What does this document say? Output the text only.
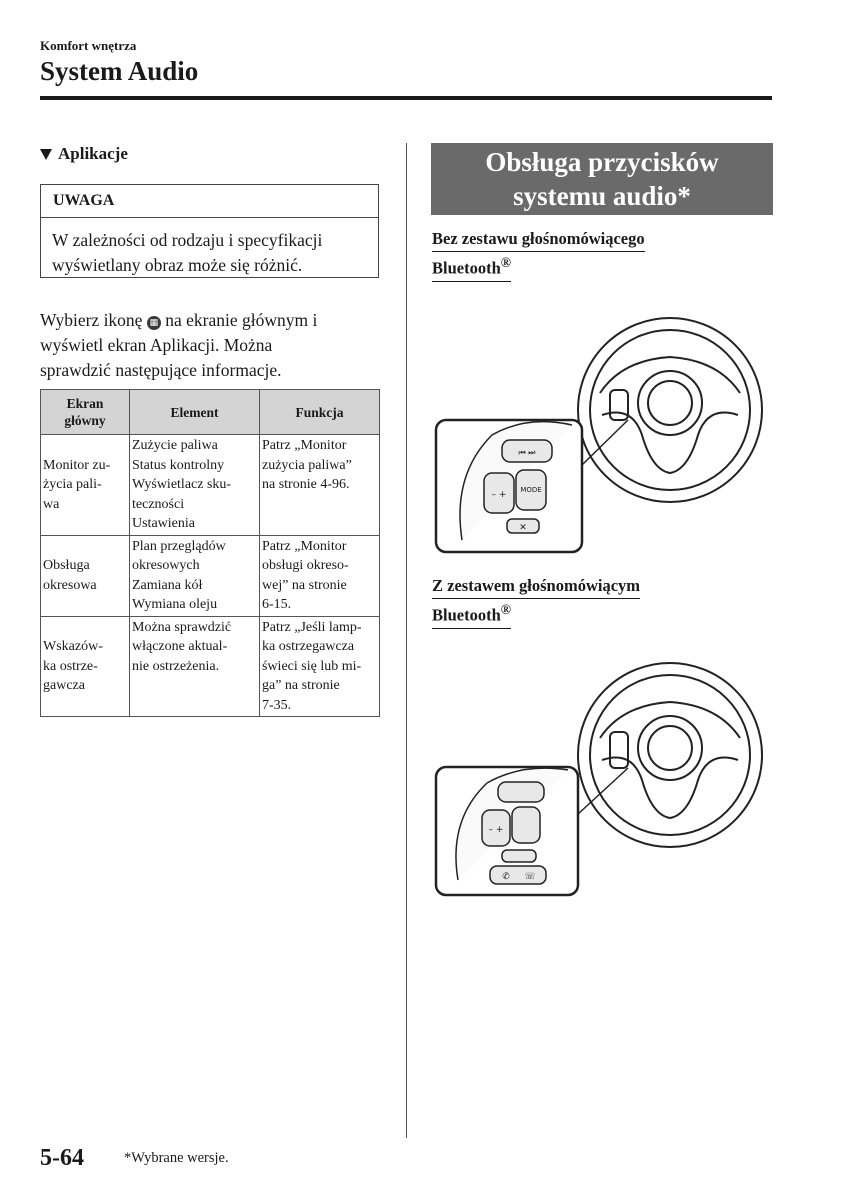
Komfort wnętrza
System Audio
Aplikacje
UWAGA
W zależności od rodzaju i specyfikacji
wyświetlany obraz może się różnić.
Wybierz ikonę ▦ na ekranie głównym i
wyświetl ekran Aplikacji. Można
sprawdzić następujące informacje.
Ekran
główny	Element	Funkcja

Monitor zu-
życia pali-
wa	Zużycie paliwa
Status kontrolny
Wyświetlacz sku-
teczności
Ustawienia	Patrz „Monitor
zużycia paliwa”
na stronie 4-96.

Obsługa
okresowa	Plan przeglądów
okresowych
Zamiana kół
Wymiana oleju	Patrz „Monitor
obsługi okreso-
wej” na stronie
6-15.

Wskazów-
ka ostrze-
gawcza	Można sprawdzić
włączone aktual-
nie ostrzeżenia.	Patrz „Jeśli lamp-
ka ostrzegawcza
świeci się lub mi-
ga” na stronie
7-35.
Obsługa przycisków
systemu audio*
Bez zestawu głośnomówiącego
Bluetooth®
Z zestawem głośnomówiącym
Bluetooth®
⏮ ⏭
– + MODE
✕
– +
✆ ☏
5-64	*Wybrane wersje.
